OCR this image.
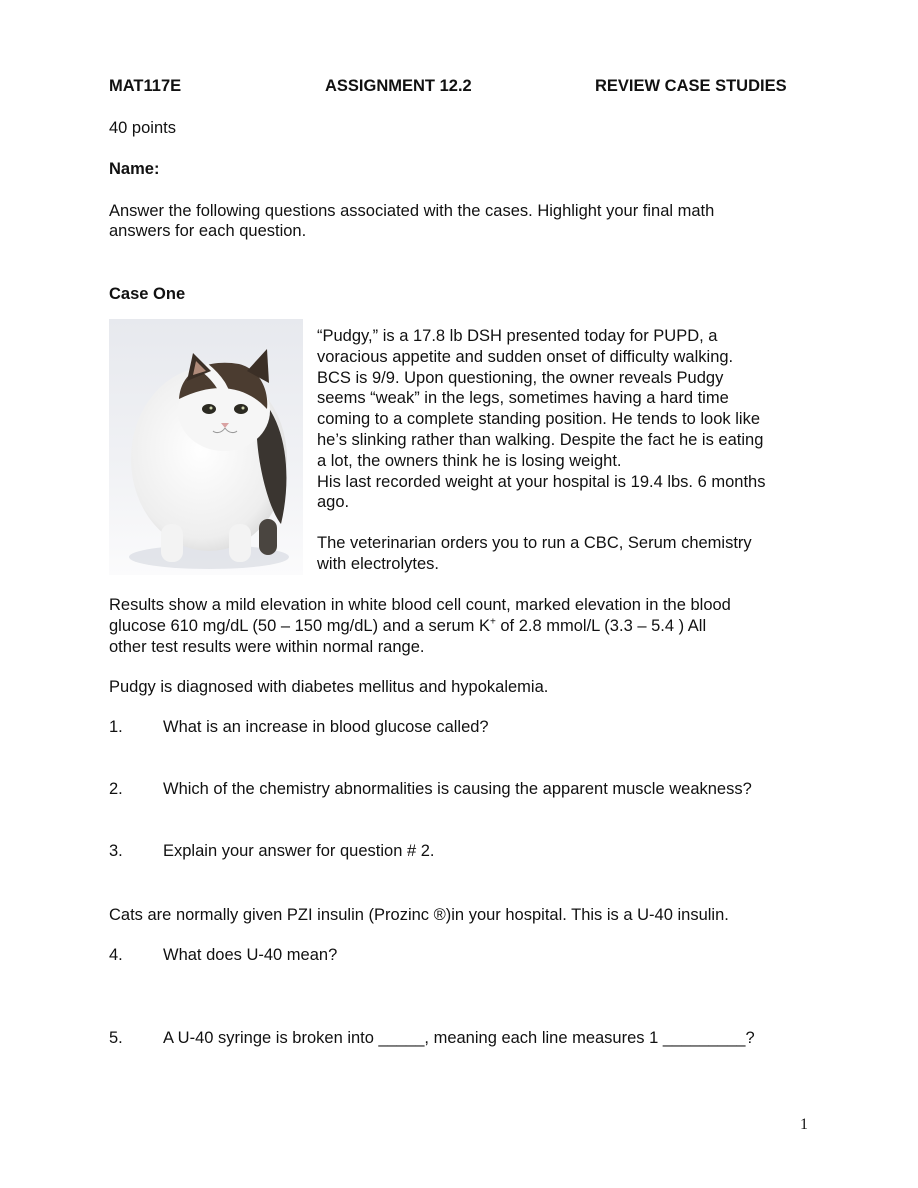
MAT117E	ASSIGNMENT 12.2	REVIEW CASE STUDIES
40 points
Name:
Answer the following questions associated with the cases. Highlight your final math
answers for each question.
Case One
“Pudgy,” is a 17.8 lb DSH presented today for PUPD, a
voracious appetite and sudden onset of difficulty walking.
BCS is 9/9. Upon questioning, the owner reveals Pudgy
seems “weak” in the legs, sometimes having a hard time
coming to a complete standing position. He tends to look like
he’s slinking rather than walking. Despite the fact he is eating
a lot, the owners think he is losing weight.
His last recorded weight at your hospital is 19.4 lbs. 6 months
ago.
The veterinarian orders you to run a CBC, Serum chemistry
with electrolytes.
Results show a mild elevation in white blood cell count, marked elevation in the blood
glucose 610 mg/dL (50 – 150 mg/dL) and a serum K+ of 2.8 mmol/L (3.3 – 5.4 ) All
other test results were within normal range.
Pudgy is diagnosed with diabetes mellitus and hypokalemia.
1. What is an increase in blood glucose called?
2. Which of the chemistry abnormalities is causing the apparent muscle weakness?
3. Explain your answer for question # 2.
Cats are normally given PZI insulin (Prozinc ®)in your hospital. This is a U-40 insulin.
4. What does U-40 mean?
5. A U-40 syringe is broken into _____, meaning each line measures 1 _________?
1
